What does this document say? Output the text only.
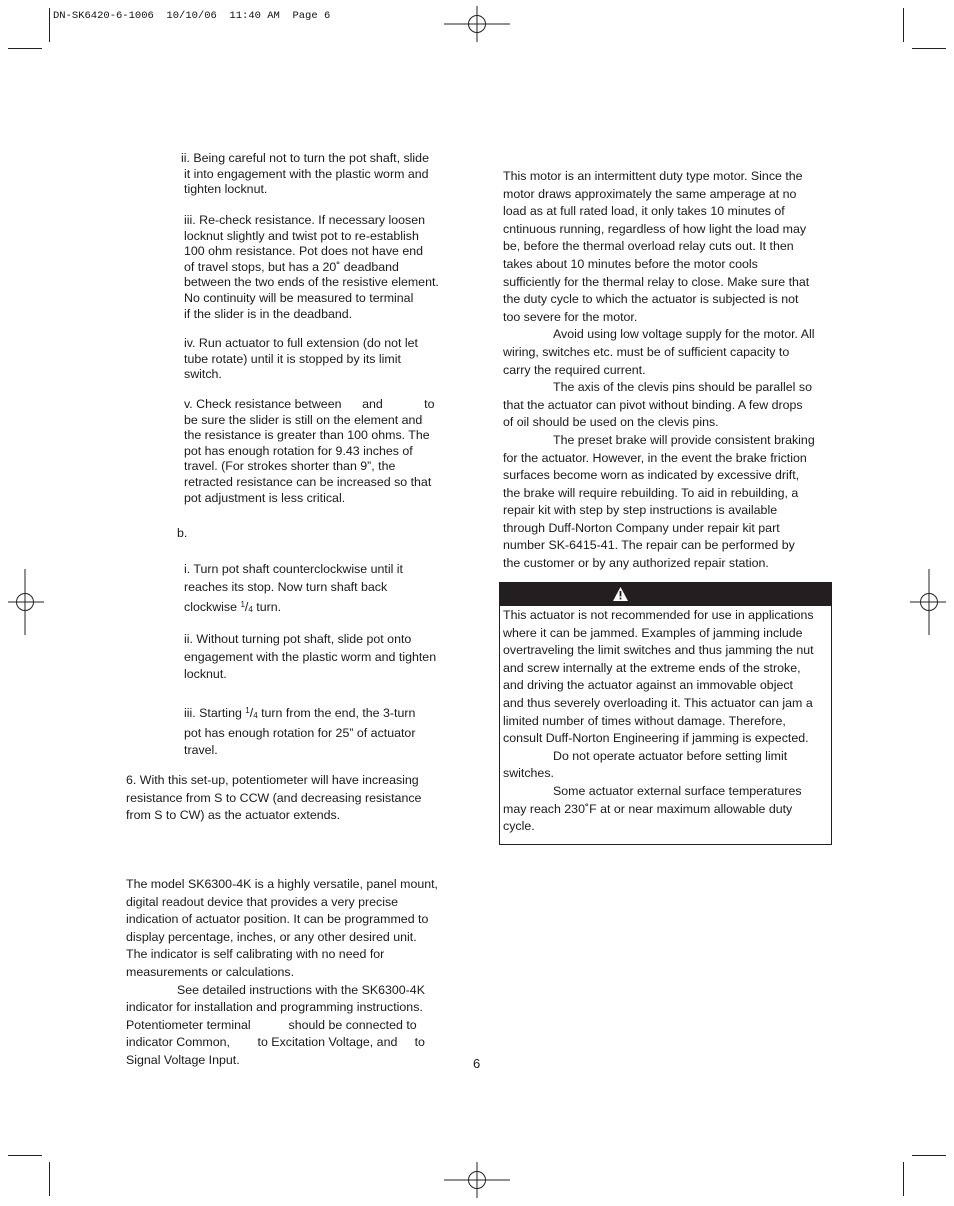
DN-SK6420-6-1006  10/10/06  11:40 AM  Page 6
ii. Being careful not to turn the pot shaft, slide
it into engagement with the plastic worm and
tighten locknut.
iii. Re-check resistance. If necessary loosen
locknut slightly and twist pot to re-establish
100 ohm resistance. Pot does not have end
of travel stops, but has a 20˚ deadband
between the two ends of the resistive element.
No continuity will be measured to terminal
if the slider is in the deadband.
iv. Run actuator to full extension (do not let
tube rotate) until it is stopped by its limit
switch.
v. Check resistance between      and            to
be sure the slider is still on the element and
the resistance is greater than 100 ohms. The
pot has enough rotation for 9.43 inches of
travel. (For strokes shorter than 9”, the
retracted resistance can be increased so that
pot adjustment is less critical.
b.
i. Turn pot shaft counterclockwise until it
reaches its stop. Now turn shaft back
clockwise $^1/_4$ turn.
ii. Without turning pot shaft, slide pot onto
engagement with the plastic worm and tighten
locknut.
iii. Starting $^1/_4$ turn from the end, the 3-turn
pot has enough rotation for 25” of actuator
travel.
6. With this set-up, potentiometer will have increasing
resistance from S to CCW (and decreasing resistance
from S to CW) as the actuator extends.
The model SK6300-4K is a highly versatile, panel mount,
digital readout device that provides a very precise
indication of actuator position. It can be programmed to
display percentage, inches, or any other desired unit.
The indicator is self calibrating with no need for
measurements or calculations.
See detailed instructions with the SK6300-4K
indicator for installation and programming instructions.
Potentiometer terminal           should be connected to
indicator Common,        to Excitation Voltage, and     to
Signal Voltage Input.
This motor is an intermittent duty type motor. Since the
motor draws approximately the same amperage at no
load as at full rated load, it only takes 10 minutes of
cntinuous running, regardless of how light the load may
be, before the thermal overload relay cuts out. It then
takes about 10 minutes before the motor cools
sufficiently for the thermal relay to close. Make sure that
the duty cycle to which the actuator is subjected is not
too severe for the motor.
Avoid using low voltage supply for the motor. All
wiring, switches etc. must be of sufficient capacity to
carry the required current.
The axis of the clevis pins should be parallel so
that the actuator can pivot without binding. A few drops
of oil should be used on the clevis pins.
The preset brake will provide consistent braking
for the actuator. However, in the event the brake friction
surfaces become worn as indicated by excessive drift,
the brake will require rebuilding. To aid in rebuilding, a
repair kit with step by step instructions is available
through Duff-Norton Company under repair kit part
number SK-6415-41. The repair can be performed by
the customer or by any authorized repair station.
This actuator is not recommended for use in applications
where it can be jammed. Examples of jamming include
overtraveling the limit switches and thus jamming the nut
and screw internally at the extreme ends of the stroke,
and driving the actuator against an immovable object
and thus severely overloading it. This actuator can jam a
limited number of times without damage. Therefore,
consult Duff-Norton Engineering if jamming is expected.
Do not operate actuator before setting limit
switches.
Some actuator external surface temperatures
may reach 230˚F at or near maximum allowable duty
cycle.
6
